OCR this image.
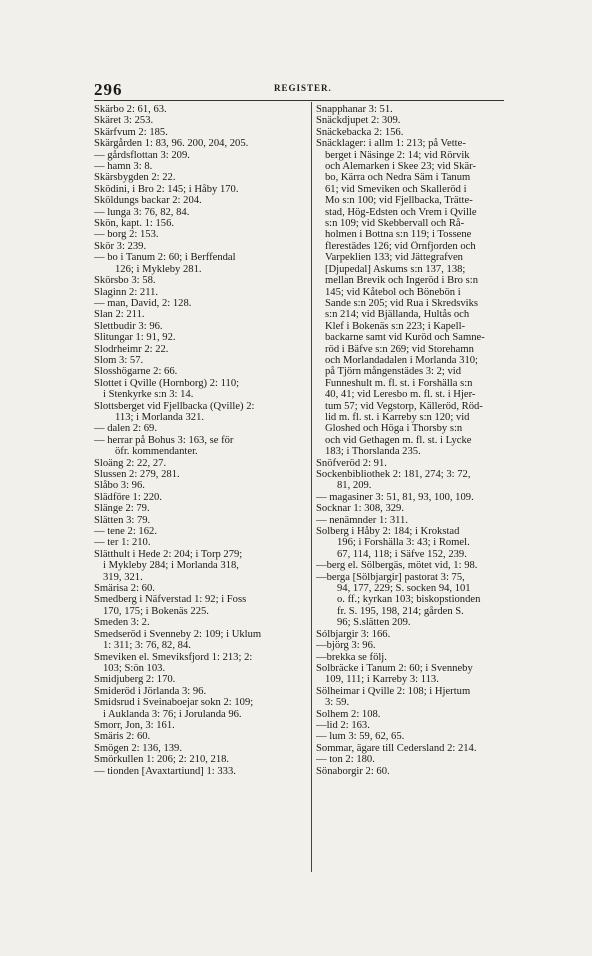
296	REGISTER.
Skärbo 2: 61, 63.
Skäret 3: 253.
Skärfvum 2: 185.
Skärgården 1: 83, 96. 200, 204, 205.
— gårdsflottan 3: 209.
— hamn 3: 8.
Skärsbygden 2: 22.
Sködini, i Bro 2: 145; i Håby 170.
Sköldungs backar 2: 204.
— lunga 3: 76, 82, 84.
Skön, kapt. 1: 156.
— borg 2: 153.
Skör 3: 239.
— bo i Tanum 2: 60; i Berffendal
126; i Mykleby 281.
Skörsbo 3: 58.
Slaginn 2: 211.
— man, David, 2: 128.
Slan 2: 211.
Slettbudir 3: 96.
Slitungar 1: 91, 92.
Slodrheimr 2: 22.
Slom 3: 57.
Slosshögarne 2: 66.
Slottet i Qville (Hornborg) 2: 110;
i Stenkyrke s:n 3: 14.
Slottsberget vid Fjellbacka (Qville) 2:
113; i Morlanda 321.
— dalen 2: 69.
— herrar på Bohus 3: 163, se för
öfr. kommendanter.
Sloäng 2: 22, 27.
Slussen 2: 279, 281.
Slåbo 3: 96.
Slädföre 1: 220.
Slänge 2: 79.
Slätten 3: 79.
— tene 2: 162.
— ter 1: 210.
Slätthult i Hede 2: 204; i Torp 279;
i Mykleby 284; i Morlanda 318,
319, 321.
Smärisa 2: 60.
Smedberg i Näfverstad 1: 92; i Foss
170, 175; i Bokenäs 225.
Smeden 3: 2.
Smedseröd i Svenneby 2: 109; i Uklum
1: 311; 3: 76, 82, 84.
Smeviken el. Smeviksfjord 1: 213; 2:
103; S:ön 103.
Smidjuberg 2: 170.
Smideröd i Jörlanda 3: 96.
Smidsrud i Sveinaboejar sokn 2: 109;
i Auklanda 3: 76; i Jorulanda 96.
Smorr, Jon, 3: 161.
Smäris 2: 60.
Smögen 2: 136, 139.
Smörkullen 1: 206; 2: 210, 218.
— tionden [Avaxtartiund] 1: 333.
Snapphanar 3: 51.
Snäckdjupet 2: 309.
Snäckebacka 2: 156.
Snäcklager: i allm 1: 213; på Vette-
berget i Näsinge 2: 14; vid Rörvik
och Alemarken i Skee 23; vid Skär-
bo, Kärra och Nedra Säm i Tanum
61; vid Smeviken och Skalleröd i
Mo s:n 100; vid Fjellbacka, Trätte-
stad, Hög-Edsten och Vrem i Qville
s:n 109; vid Skebbervall och Rå-
holmen i Bottna s:n 119; i Tossene
flerestädes 126; vid Örnfjorden och
Varpeklien 133; vid Jättegrafven
[Djupedal] Askums s:n 137, 138;
mellan Brevik och Ingeröd i Bro s:n
145; vid Kåtebol och Bönebön i
Sande s:n 205; vid Rua i Skredsviks
s:n 214; vid Bjällanda, Hultås och
Klef i Bokenäs s:n 223; i Kapell-
backarne samt vid Kuröd och Samne-
röd i Bäfve s:n 269; vid Storehamn
och Morlandadalen i Morlanda 310;
på Tjörn mångenstädes 3: 2; vid
Funneshult m. fl. st. i Forshälla s:n
40, 41; vid Leresbo m. fl. st. i Hjer-
tum 57; vid Vegstorp, Källeröd, Röd-
lid m. fl. st. i Karreby s:n 120; vid
Gloshed och Höga i Thorsby s:n
och vid Gethagen m. fl. st. i Lycke
183; i Thorslanda 235.
Snöfveröd 2: 91.
Sockenbibliothek 2: 181, 274; 3: 72,
81, 209.
— magasiner 3: 51, 81, 93, 100, 109.
Socknar 1: 308, 329.
— nenämnder 1: 311.
Solberg i Håby 2: 184; i Krokstad
196; i Forshälla 3: 43; i Romel.
67, 114, 118; i Säfve 152, 239.
—berg el. Sölbergäs, mötet vid, 1: 98.
—berga [Sölbjargir] pastorat 3: 75,
94, 177, 229; S. socken 94, 101
o. ff.; kyrkan 103; biskopstionden
fr. S. 195, 198, 214; gården S.
96; S.slätten 209.
Sólbjargir 3: 166.
—björg 3: 96.
—brekka se följ.
Solbräcke i Tanum 2: 60; i Svenneby
109, 111; i Karreby 3: 113.
Sölheimar i Qville 2: 108; i Hjertum
3: 59.
Solhem 2: 108.
—lid 2: 163.
— lum 3: 59, 62, 65.
Sommar, ägare till Cedersland 2: 214.
— ton 2: 180.
Sönaborgir 2: 60.
